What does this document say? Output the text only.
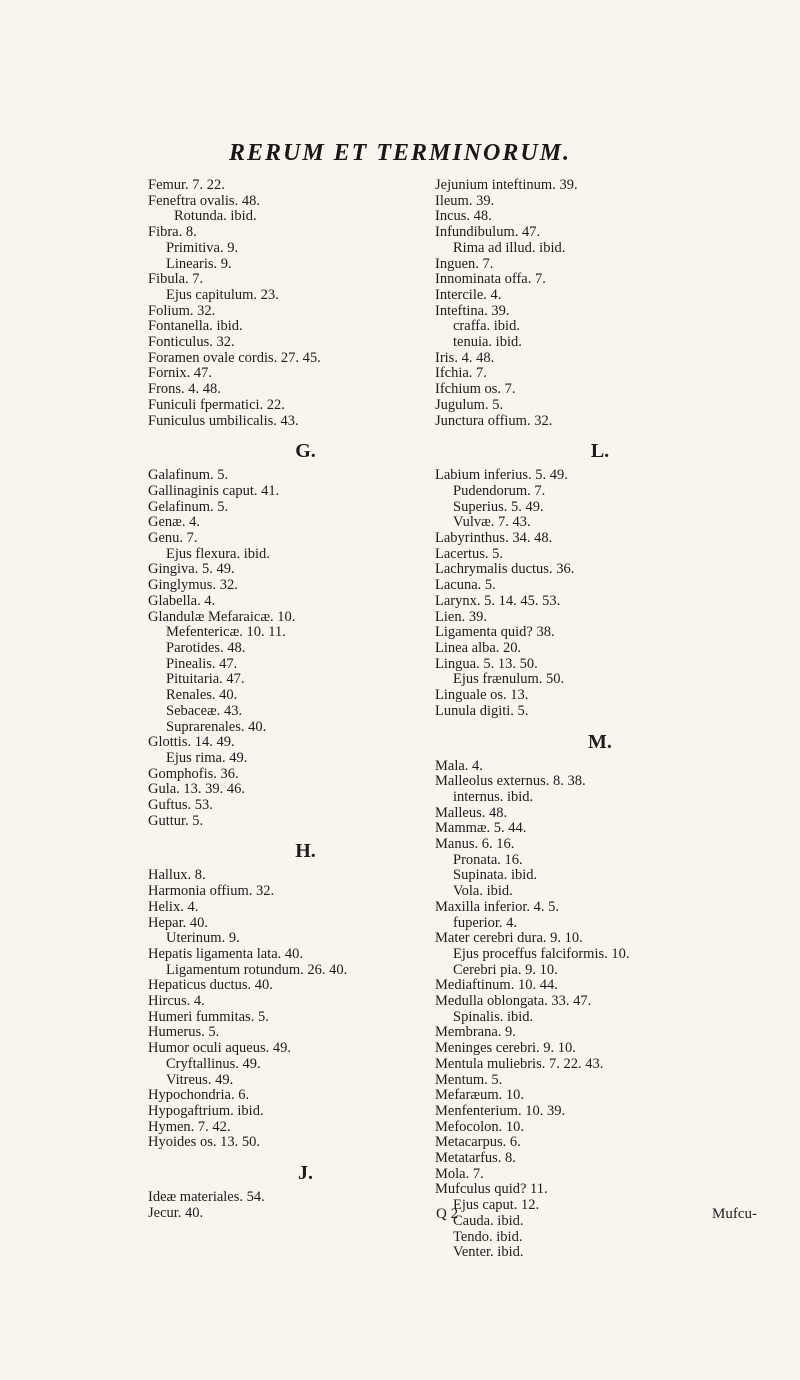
RERUM ET TERMINORUM.
Femur. 7. 22.
Feneftra ovalis. 48.
Rotunda. ibid.
Fibra. 8.
Primitiva. 9.
Linearis. 9.
Fibula. 7.
Ejus capitulum. 23.
Folium. 32.
Fontanella. ibid.
Fonticulus. 32.
Foramen ovale cordis. 27. 45.
Fornix. 47.
Frons. 4. 48.
Funiculi fpermatici. 22.
Funiculus umbilicalis. 43.
G.
Galafinum. 5.
Gallinaginis caput. 41.
Gelafinum. 5.
Genæ. 4.
Genu. 7.
Ejus flexura. ibid.
Gingiva. 5. 49.
Ginglymus. 32.
Glabella. 4.
Glandulæ Mefaraicæ. 10.
Mefentericæ. 10. 11.
Parotides. 48.
Pinealis. 47.
Pituitaria. 47.
Renales. 40.
Sebaceæ. 43.
Suprarenales. 40.
Glottis. 14. 49.
Ejus rima. 49.
Gomphofis. 36.
Gula. 13. 39. 46.
Guftus. 53.
Guttur. 5.
H.
Hallux. 8.
Harmonia offium. 32.
Helix. 4.
Hepar. 40.
Uterinum. 9.
Hepatis ligamenta lata. 40.
Ligamentum rotundum. 26. 40.
Hepaticus ductus. 40.
Hircus. 4.
Humeri fummitas. 5.
Humerus. 5.
Humor oculi aqueus. 49.
Cryftallinus. 49.
Vitreus. 49.
Hypochondria. 6.
Hypogaftrium. ibid.
Hymen. 7. 42.
Hyoides os. 13. 50.
J.
Ideæ materiales. 54.
Jecur. 40.
Jejunium inteftinum. 39.
Ileum. 39.
Incus. 48.
Infundibulum. 47.
Rima ad illud. ibid.
Inguen. 7.
Innominata offa. 7.
Intercile. 4.
Inteftina. 39.
craffa. ibid.
tenuia. ibid.
Iris. 4. 48.
Ifchia. 7.
Ifchium os. 7.
Jugulum. 5.
Junctura offium. 32.
L.
Labium inferius. 5. 49.
Pudendorum. 7.
Superius. 5. 49.
Vulvæ. 7. 43.
Labyrinthus. 34. 48.
Lacertus. 5.
Lachrymalis ductus. 36.
Lacuna. 5.
Larynx. 5. 14. 45. 53.
Lien. 39.
Ligamenta quid? 38.
Linea alba. 20.
Lingua. 5. 13. 50.
Ejus frænulum. 50.
Linguale os. 13.
Lunula digiti. 5.
M.
Mala. 4.
Malleolus externus. 8. 38.
internus. ibid.
Malleus. 48.
Mammæ. 5. 44.
Manus. 6. 16.
Pronata. 16.
Supinata. ibid.
Vola. ibid.
Maxilla inferior. 4. 5.
fuperior. 4.
Mater cerebri dura. 9. 10.
Ejus proceffus falciformis. 10.
Cerebri pia. 9. 10.
Mediaftinum. 10. 44.
Medulla oblongata. 33. 47.
Spinalis. ibid.
Membrana. 9.
Meninges cerebri. 9. 10.
Mentula muliebris. 7. 22. 43.
Mentum. 5.
Mefaræum. 10.
Menfenterium. 10. 39.
Mefocolon. 10.
Metacarpus. 6.
Metatarfus. 8.
Mola. 7.
Mufculus quid? 11.
Ejus caput. 12.
Cauda. ibid.
Tendo. ibid.
Venter. ibid.
Q 2	Mufcu-
